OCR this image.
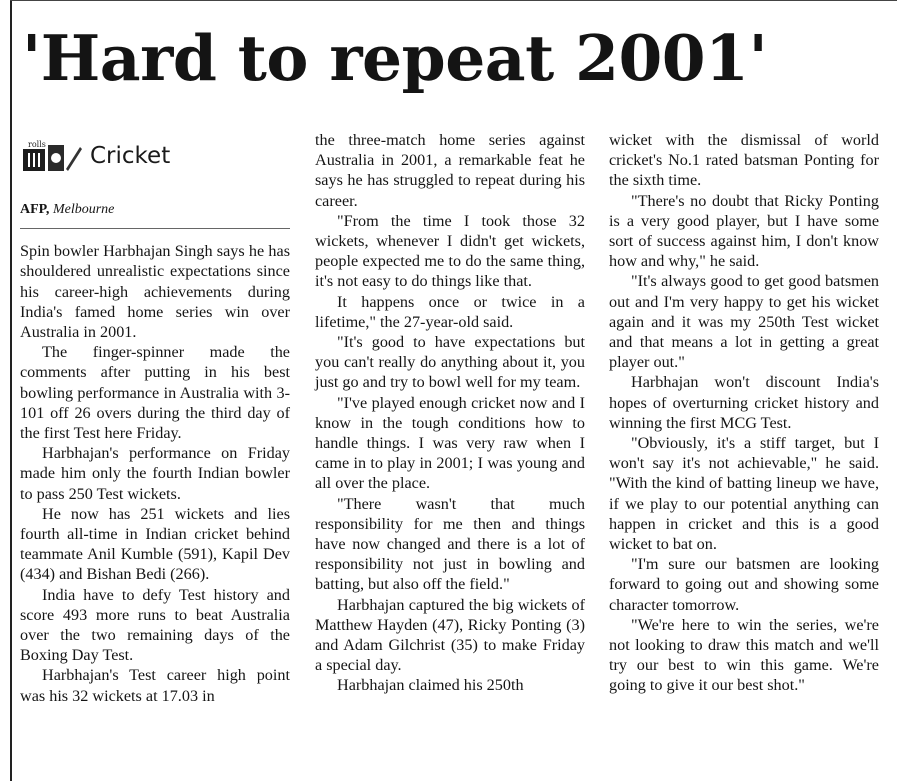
'Hard to repeat 2001'
rolls Cricket
AFP, Melbourne

Spin bowler Harbhajan Singh says he has shouldered unrealistic expectations since his career-high achievements during India's famed home series win over Australia in 2001.

The finger-spinner made the comments after putting in his best bowling performance in Australia with 3-101 off 26 overs during the third day of the first Test here Friday.

Harbhajan's performance on Friday made him only the fourth Indian bowler to pass 250 Test wickets.

He now has 251 wickets and lies fourth all-time in Indian cricket behind teammate Anil Kumble (591), Kapil Dev (434) and Bishan Bedi (266).

India have to defy Test history and score 493 more runs to beat Australia over the two remaining days of the Boxing Day Test.

Harbhajan's Test career high point was his 32 wickets at 17.03 in

the three-match home series against Australia in 2001, a remarkable feat he says he has struggled to repeat during his career.

"From the time I took those 32 wickets, whenever I didn't get wickets, people expected me to do the same thing, it's not easy to do things like that.

It happens once or twice in a lifetime," the 27-year-old said.

"It's good to have expectations but you can't really do anything about it, you just go and try to bowl well for my team.

"I've played enough cricket now and I know in the tough conditions how to handle things. I was very raw when I came in to play in 2001; I was young and all over the place.

"There wasn't that much responsibility for me then and things have now changed and there is a lot of responsibility not just in bowling and batting, but also off the field."

Harbhajan captured the big wickets of Matthew Hayden (47), Ricky Ponting (3) and Adam Gilchrist (35) to make Friday a special day.

Harbhajan claimed his 250th

wicket with the dismissal of world cricket's No.1 rated batsman Ponting for the sixth time.

"There's no doubt that Ricky Ponting is a very good player, but I have some sort of success against him, I don't know how and why," he said.

"It's always good to get good batsmen out and I'm very happy to get his wicket again and it was my 250th Test wicket and that means a lot in getting a great player out."

Harbhajan won't discount India's hopes of overturning cricket history and winning the first MCG Test.

"Obviously, it's a stiff target, but I won't say it's not achievable," he said. "With the kind of batting lineup we have, if we play to our potential anything can happen in cricket and this is a good wicket to bat on.

"I'm sure our batsmen are looking forward to going out and showing some character tomorrow.

"We're here to win the series, we're not looking to draw this match and we'll try our best to win this game. We're going to give it our best shot."
